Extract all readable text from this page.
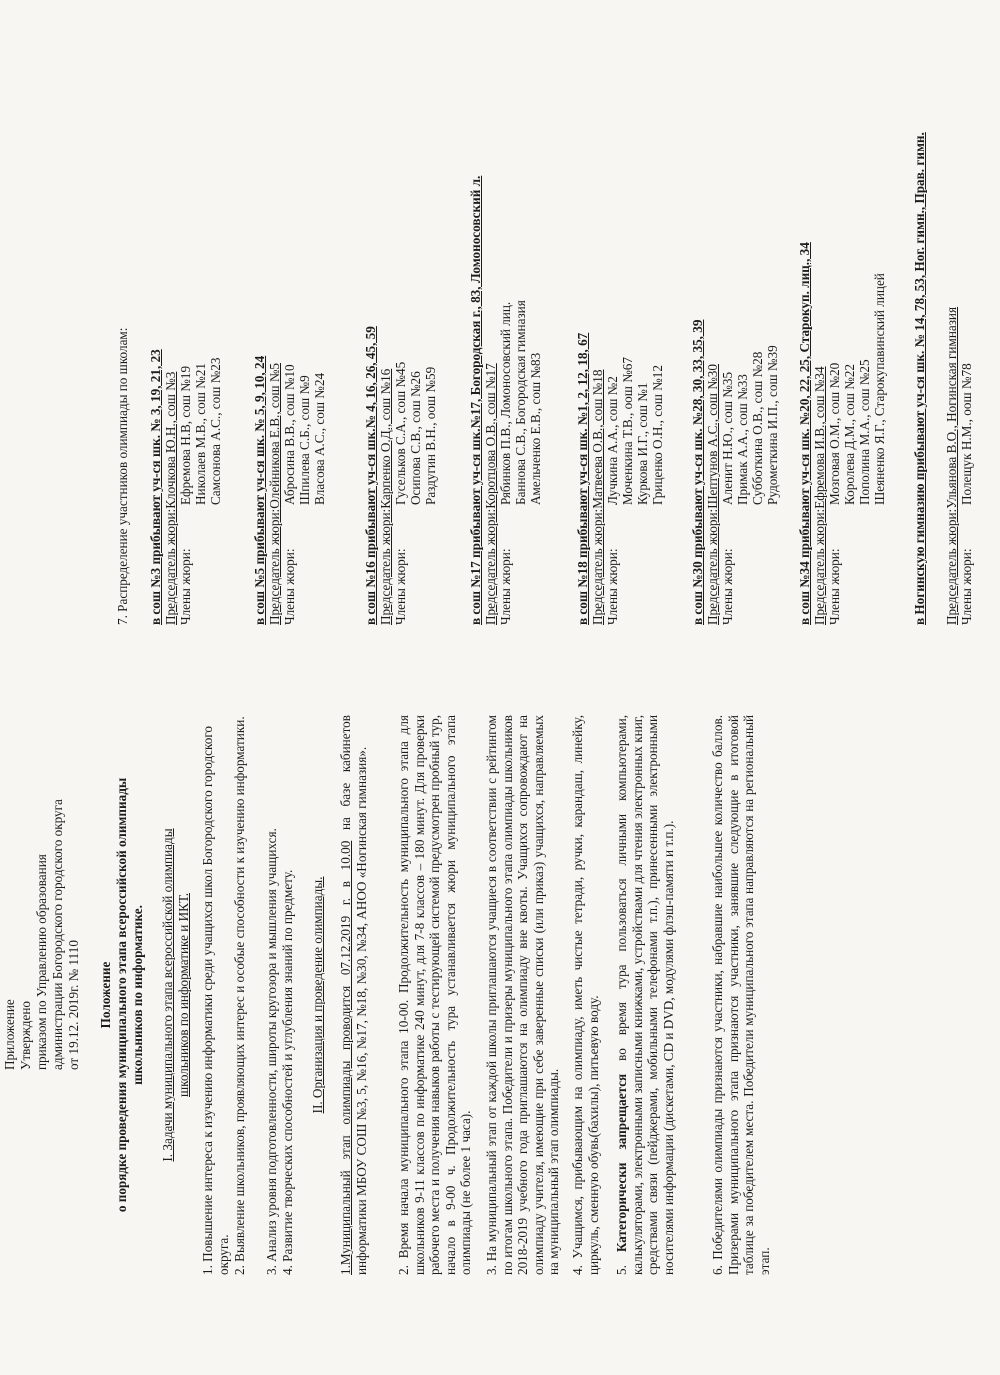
Приложение Утверждено приказом по Управлению образования администрации Богородского городского округа от 19.12. 2019г. № 1110 Положение о порядке проведения муниципального этапа всероссийской олимпиады школьников по информатике. I. Задачи муниципального этапа всероссийской олимпиады школьников по информатике и ИКТ. 1. Повышение интереса к изучению информатики среди учащихся школ Богородского городского округа. 2. Выявление школьников, проявляющих интерес и особые способности к изучению информатики. 3. Анализ уровня подготовленности, широты кругозора и мышления учащихся. 4. Развитие творческих способностей и углубления знаний по предмету. II. Организация и проведение олимпиады. 1.Муниципальный этап олимпиады проводится 07.12.2019 г. в 10.00 на базе кабинетов информатики МБОУ СОШ №3, 5, №16, №17, №18, №30, №34, АНОО «Ногинская гимназия». 2. Время начала муниципального этапа 10-00. Продолжительность муниципального этапа для школьников 9-11 классов по информатике 240 минут, для 7-8 классов – 180 минут. Для проверки рабочего места и получения навыков работы с тестирующей системой предусмотрен пробный тур, начало в 9-00 ч. Продолжительность тура устанавливается жюри муниципального этапа олимпиады (не более 1 часа). 3. На муниципальный этап от каждой школы приглашаются учащиеся в соответствии с рейтингом по итогам школьного этапа. Победители и призеры муниципального этапа олимпиады школьников 2018-2019 учебного года приглашаются на олимпиаду вне квоты. Учащихся сопровождают на олимпиаду учителя, имеющие при себе заверенные списки (или приказ) учащихся, направляемых на муниципальный этап олимпиады. 4. Учащимся, прибывающим на олимпиаду, иметь чистые тетради, ручки, карандаш, линейку, циркуль, сменную обувь(бахилы), питьевую воду. 5. Категорически запрещается во время тура пользоваться личными компьютерами, калькуляторами, электронными записными книжками, устройствами для чтения электронных книг, средствами связи (пейджерами, мобильными телефонами т.п.), принесенными электронными носителями информации (дискетами, CD и DVD, модулями флэш-памяти и т.п.).	6. Победителями олимпиады признаются участники, набравшие наибольшее количество баллов. Призерами муниципального этапа признаются участники, занявшие следующие в итоговой таблице за победителем места. Победители муниципального этапа направляются на региональный этап.
7. Распределение участников олимпиады по школам: в сош №3 прибывают уч-ся шк. № 3, 19, 21, 23 Председатель жюри:Клочкова Ю.Н., сош №3
Члены жюри:
Ефремова Н.В, сош №19 Николаев М.В., сош №21 Самсонова А.С., сош №23 в сош №5 прибывают уч-ся шк. № 5, 9, 10, 24 Председатель жюри:Олейникова Е.В., сош №5
Члены жюри:
Абросина В.В., сош №10 Шпилева С.Б., сош №9 Власова А.С., сош №24	в сош №16 прибывают уч-ся шк.№ 4, 16, 26, 45, 59 Председатель жюри:Карпенко О.Д., сош №16
Члены жюри:
Гусельков С.А., сош №45 Осипова С.В., сош №26 Раздугин В.Н., оош №59 в сош №17 прибывают уч-ся шк.№17, Богородская г., 83, Ломоносовский л. Председатель жюри:Коротцова О.В., сош №17
Члены жюри:
Рябинков П.В., Ломоносовский лиц. Баннова С.В., Богородская гимназия Амельченко Е.В., сош №83 в сош №18 прибывают уч-ся шк. №1, 2, 12, 18, 67 Председатель жюри:Матвеева О.В., сош №18
Члены жюри:
Лучкина А.А., сош №2 Моченкина Т.В., оош №67 Куркова И.Г., сош №1 Гриценко О.Н., сош №12 в сош №30 прибывают уч-ся шк. №28, 30, 33, 35, 39 Председатель жюри:Шептунов А.С., сош №30
Члены жюри:
Аленит Н.Ю., сош №35 Примак А.А., сош №33 Субботкина О.В., сош №28 Рудометкина И.П., сош №39 в сош №34 прибывают уч-ся шк. №20, 22, 25, Старокуп. лиц., 34 Председатель жюри:Ефремова И.В., сош №34
Члены жюри:
Мозговая О.М., сош №20 Королева Д.М., сош №22 Пополина М.А., сош №25 Шеяненко Я.Г., Старокупавинский лицей в Ногинскую гимназию прибывают уч-ся шк. № 14, 78, 53, Ног. гимн., Прав. гимн. Председатель жюри:Ульянова В.О., Ногинская гимназия
Члены жюри:
Полещук Н.М., оош №78
